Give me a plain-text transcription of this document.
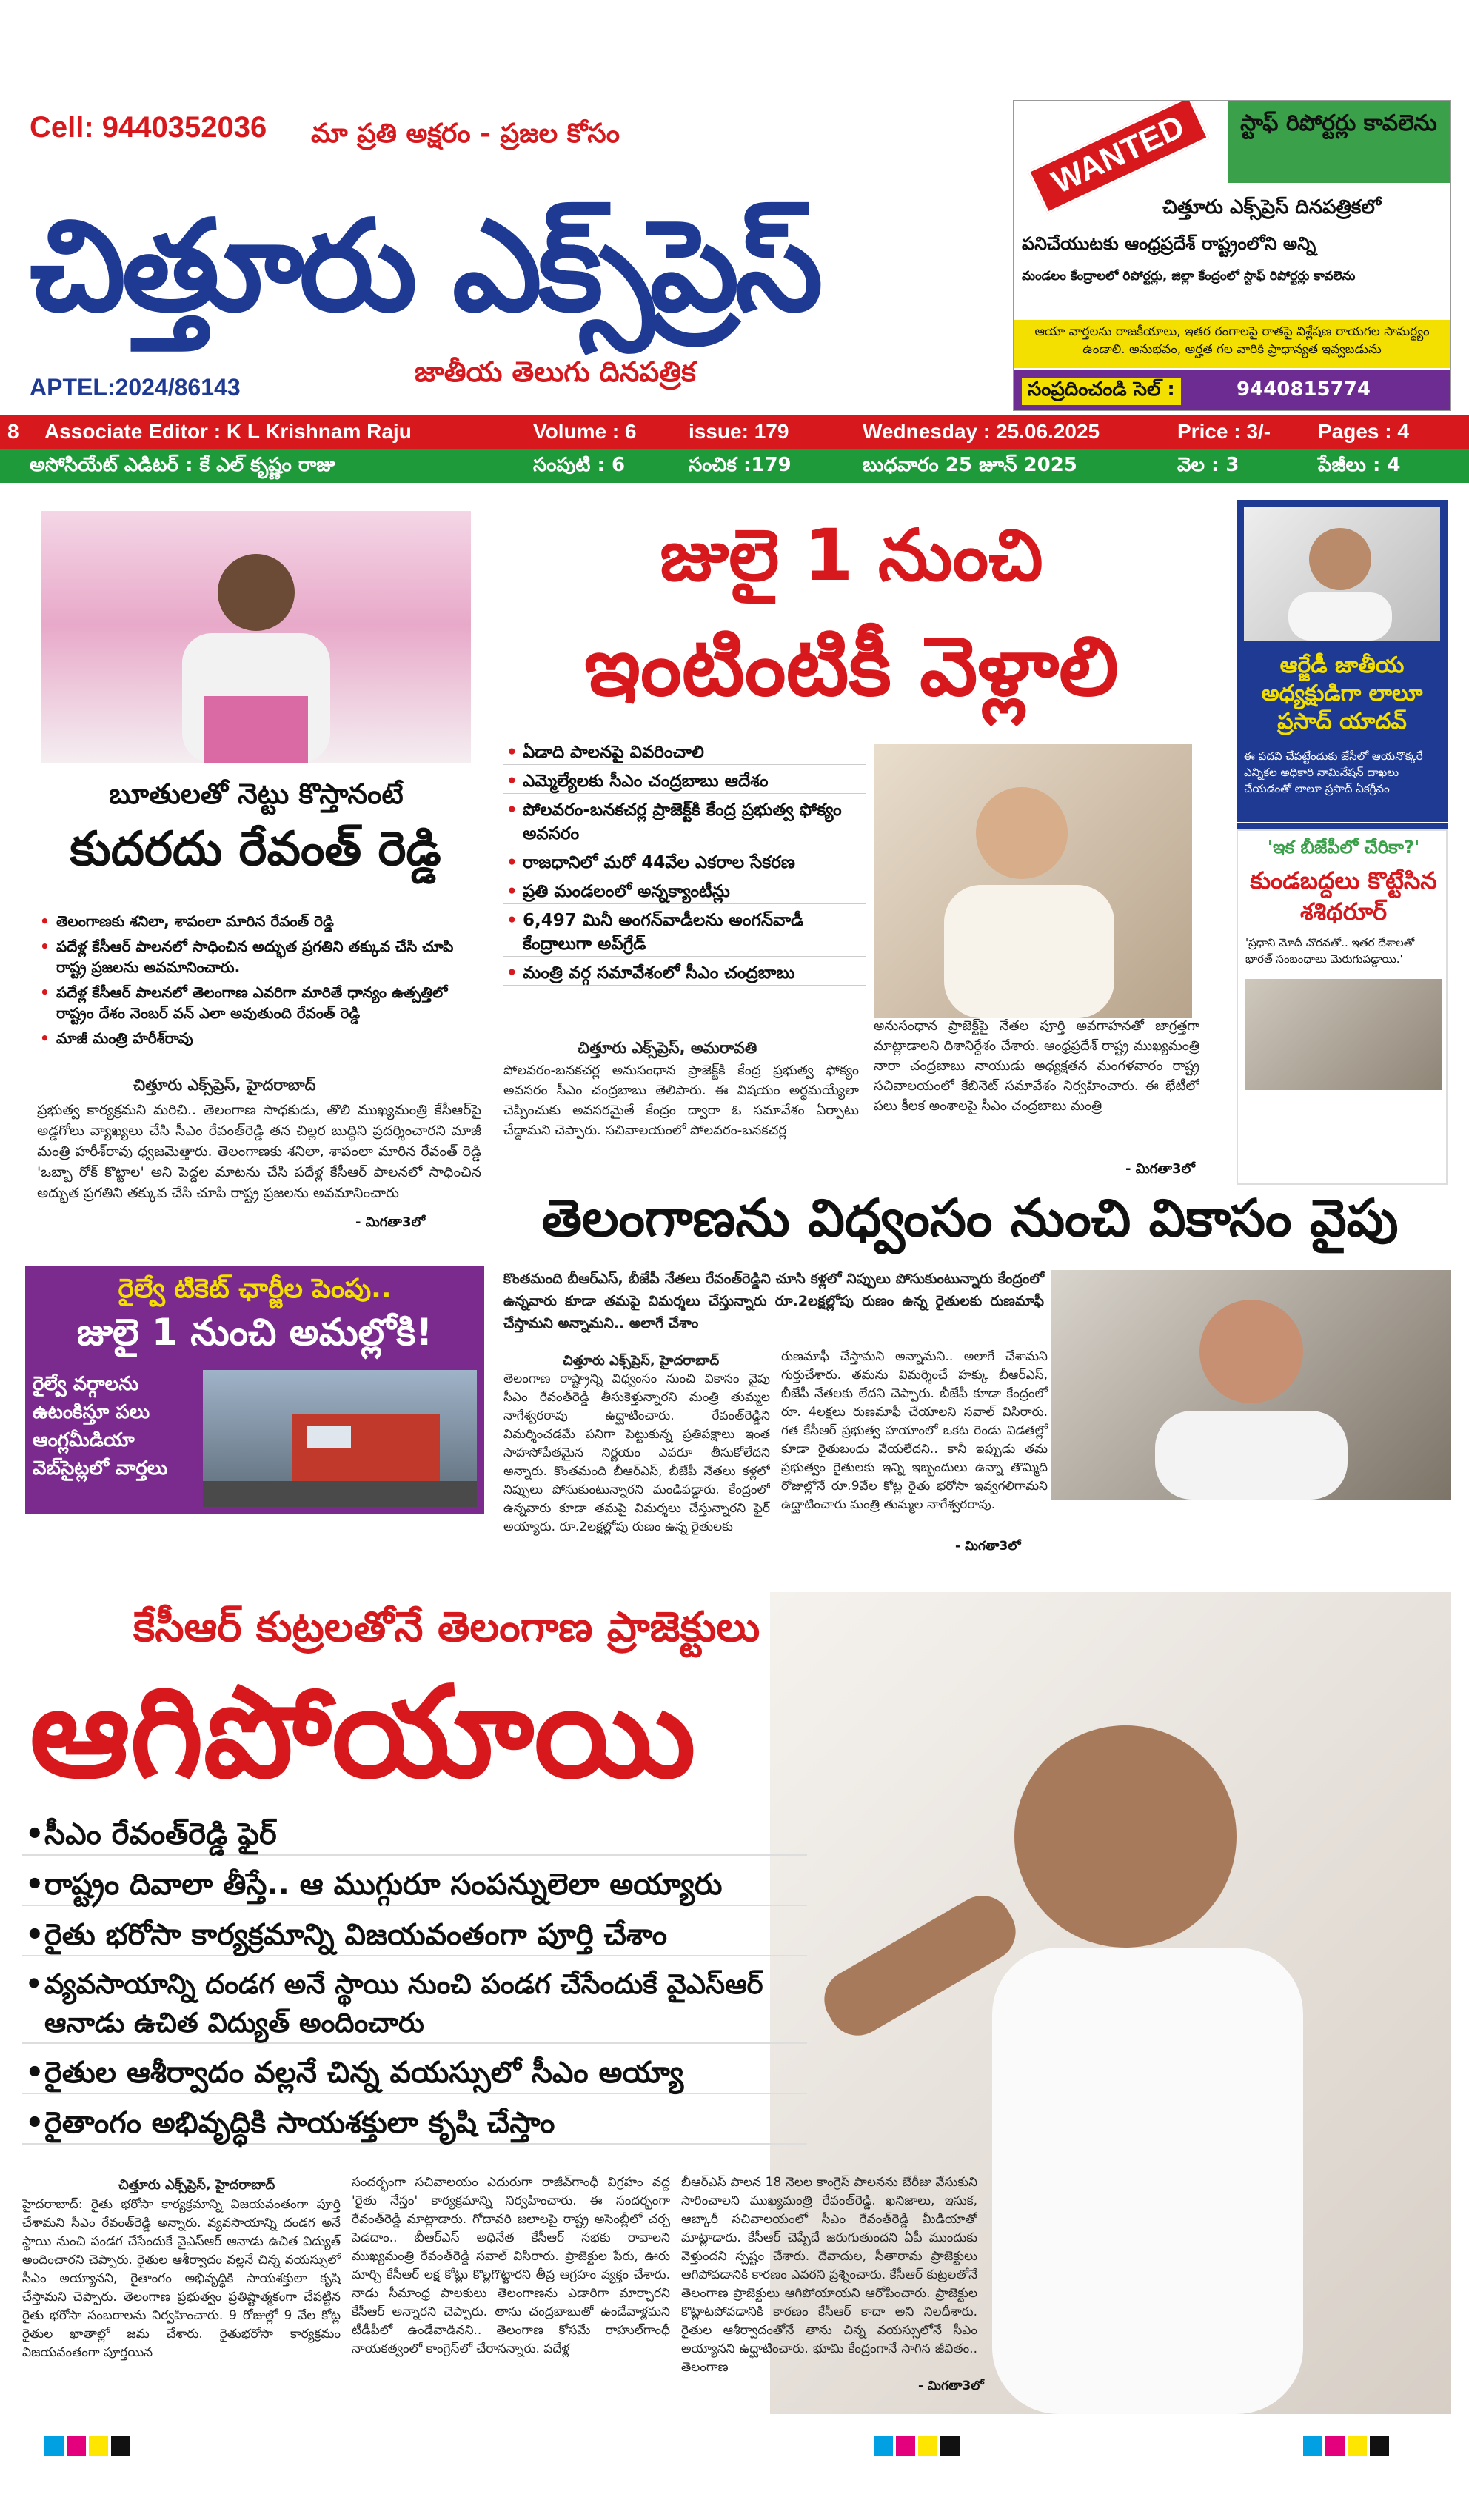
Cell: 9440352036 మా ప్రతి అక్షరం - ప్రజల కోసం
చిత్తూరు ఎక్స్‌ప్రెస్
APTEL:2024/86143	జాతీయ తెలుగు దినపత్రిక
WANTED	స్టాఫ్ రిపోర్టర్లు కావలెను
చిత్తూరు ఎక్స్‌ప్రెస్ దినపత్రికలో
పనిచేయుటకు ఆంధ్రప్రదేశ్ రాష్ట్రంలోని అన్ని
మండలం కేంద్రాలలో రిపోర్టర్లు, జిల్లా కేంద్రంలో స్టాఫ్ రిపోర్టర్లు కావలెను
ఆయా వార్తలను రాజకీయాలు, ఇతర రంగాలపై రాతపై విశ్లేషణ రాయగల సామర్థ్యం ఉండాలి. అనుభవం, అర్హత గల వారికి ప్రాధాన్యత ఇవ్వబడును
సంప్రదించండి సెల్ :	9440815774
8 Associate Editor : K L Krishnam Raju	Volume : 6	issue: 179	Wednesday : 25.06.2025	Price : 3/- Pages : 4
అసోసియేట్ ఎడిటర్ : కే ఎల్ కృష్ణం రాజు	సంపుటి : 6	సంచిక :179	బుధవారం 25 జూన్ 2025	వెల : 3	పేజీలు : 4
బూతులతో నెట్టు కొస్తానంటే
కుదరదు రేవంత్ రెడ్డి
• తెలంగాణకు శనిలా, శాపంలా మారిన రేవంత్ రెడ్డి
• పదేళ్ల కేసీఆర్ పాలనలో సాధించిన అద్భుత ప్రగతిని తక్కువ చేసి చూపి రాష్ట్ర ప్రజలను అవమానించారు.
• పదేళ్ల కేసీఆర్ పాలనలో తెలంగాణ ఎవరిగా మారితే ధాన్యం ఉత్పత్తిలో రాష్ట్రం దేశం నెంబర్ వన్ ఎలా అవుతుంది రేవంత్ రెడ్డి
• మాజీ మంత్రి హరీశ్‌రావు
చిత్తూరు ఎక్స్‌ప్రెస్, హైదరాబాద్
ప్రభుత్వ కార్యక్రమని మరిచి.. తెలంగాణ సాధకుడు, తొలి ముఖ్యమంత్రి కేసీఆర్‌పై అడ్డగోలు వ్యాఖ్యలు చేసి సీఎం రేవంత్‌రెడ్డి తన చిల్లర బుద్ధిని ప్రదర్శించారని మాజీ మంత్రి హరీశ్‌రావు ధ్వజమెత్తారు. తెలంగాణకు శనిలా, శాపంలా మారిన రేవంత్ రెడ్డి 'ఒబ్బా రోక్ కొట్టాల' అని పెద్దల మాటను చేసి పదేళ్ల కేసీఆర్ పాలనలో సాధించిన అద్భుత ప్రగతిని తక్కువ చేసి చూపి రాష్ట్ర ప్రజలను అవమానించారు
- మిగతా3లో
జులై 1 నుంచి
ఇంటింటికీ వెళ్లాలి
• ఏడాది పాలనపై వివరించాలి
• ఎమ్మెల్యేలకు సీఎం చంద్రబాబు ఆదేశం
• పోలవరం-బనకచర్ల ప్రాజెక్ట్‌కి కేంద్ర ప్రభుత్వ ఫోక్యం అవసరం
• రాజధానిలో మరో 44వేల ఎకరాల సేకరణ
• ప్రతి మండలంలో అన్నక్యాంటీన్లు
• 6,497 మినీ అంగన్‌వాడీలను అంగన్‌వాడీ కేంద్రాలుగా అప్‌గ్రేడ్
• మంత్రి వర్గ సమావేశంలో సీఎం చంద్రబాబు
చిత్తూరు ఎక్స్‌ప్రెస్, అమరావతి
పోలవరం-బనకచర్ల అనుసంధాన ప్రాజెక్ట్‌కి కేంద్ర ప్రభుత్వ ఫోక్యం అవసరం సీఎం చంద్రబాబు తెలిపారు. ఈ విషయం అర్థమయ్యేలా చెప్పించుకు అవసరమైతే కేంద్రం ద్వారా ఓ సమావేశం ఏర్పాటు చేద్దామని చెప్పారు. సచివాలయంలో పోలవరం-బనకచర్ల
అనుసంధాన ప్రాజెక్ట్‌పై నేతల పూర్తి అవగాహనతో జాగ్రత్తగా మాట్లాడాలని దిశానిర్దేశం చేశారు. ఆంధ్రప్రదేశ్ రాష్ట్ర ముఖ్యమంత్రి నారా చంద్రబాబు నాయుడు అధ్యక్షతన మంగళవారం రాష్ట్ర సచివాలయంలో కేబినెట్ సమావేశం నిర్వహించారు. ఈ భేటీలో పలు కీలక అంశాలపై సీఎం చంద్రబాబు మంత్రి
- మిగతా3లో
ఆర్జేడీ జాతీయ అధ్యక్షుడిగా లాలూ ప్రసాద్ యాదవ్
ఈ పదవి చేపట్టేందుకు జేసీలో ఆయనొక్కరే ఎన్నికల అధికారి నామినేషన్ దాఖలు చేయడంతో లాలూ ప్రసాద్ ఏకగ్రీవం
'ఇక బీజేపీలో చేరికా?'
కుండబద్దలు కొట్టేసిన శశిథరూర్
'ప్రధాని మోదీ చొరవతో.. ఇతర దేశాలతో భారత్ సంబంధాలు మెరుగుపడ్డాయి.'
తెలంగాణను విధ్వంసం నుంచి వికాసం వైపు
కొంతమంది బీఆర్ఎస్, బీజేపీ నేతలు రేవంత్‌రెడ్డిని చూసి కళ్లలో నిప్పులు పోసుకుంటున్నారు కేంద్రంలో ఉన్నవారు కూడా తమపై విమర్శలు చేస్తున్నారు రూ.2లక్షల్లోపు రుణం ఉన్న రైతులకు రుణమాఫీ చేస్తామని అన్నామని.. అలాగే చేశాం
చిత్తూరు ఎక్స్‌ప్రెస్, హైదరాబాద్
తెలంగాణ రాష్ట్రాన్ని విధ్వంసం నుంచి వికాసం వైపు సీఎం రేవంత్‌రెడ్డి తీసుకెళ్తున్నారని మంత్రి తుమ్మల నాగేశ్వరరావు ఉద్ఘాటించారు. రేవంత్‌రెడ్డిని విమర్శించడమే పనిగా పెట్టుకున్న ప్రతిపక్షాలు ఇంత సాహసోపేతమైన నిర్ణయం ఎవరూ తీసుకోలేదని అన్నారు. కొంతమంది బీఆర్ఎస్, బీజేపీ నేతలు కళ్లలో నిప్పులు పోసుకుంటున్నారని మండిపడ్డారు. కేంద్రంలో ఉన్నవారు కూడా తమపై విమర్శలు చేస్తున్నారని ఫైర్ అయ్యారు. రూ.2లక్షల్లోపు రుణం ఉన్న రైతులకు
రుణమాఫీ చేస్తామని అన్నామని.. అలాగే చేశామని గుర్తుచేశారు. తమను విమర్శించే హక్కు బీఆర్ఎస్, బీజేపీ నేతలకు లేదని చెప్పారు. బీజేపీ కూడా కేంద్రంలో రూ. 4లక్షలు రుణమాఫీ చేయాలని సవాల్ విసిరారు. గత కేసీఆర్ ప్రభుత్వ హయాంలో ఒకట రెండు విడతల్లో కూడా రైతుబంధు వేయలేదని.. కానీ ఇప్పుడు తమ ప్రభుత్వం రైతులకు ఇన్ని ఇబ్బందులు ఉన్నా తొమ్మిది రోజుల్లోనే రూ.9వేల కోట్ల రైతు భరోసా ఇవ్వగలిగామని ఉద్ఘాటించారు మంత్రి తుమ్మల నాగేశ్వరరావు.
- మిగతా3లో
రైల్వే టికెట్ ఛార్జీల పెంపు..
జులై 1 నుంచి అమల్లోకి!
రైల్వే వర్గాలను ఉటంకిస్తూ పలు ఆంగ్లమీడియా వెబ్‌సైట్లలో వార్తలు
కేసీఆర్ కుట్రలతోనే తెలంగాణ ప్రాజెక్టులు
ఆగిపోయాయి
• సీఎం రేవంత్‌రెడ్డి ఫైర్
• రాష్ట్రం దివాలా తీస్తే.. ఆ ముగ్గురూ సంపన్నులెలా అయ్యారు
• రైతు భరోసా కార్యక్రమాన్ని విజయవంతంగా పూర్తి చేశాం
• వ్యవసాయాన్ని దండగ అనే స్థాయి నుంచి పండగ చేసేందుకే వైఎస్ఆర్ ఆనాడు ఉచిత విద్యుత్ అందించారు
• రైతుల ఆశీర్వాదం వల్లనే చిన్న వయస్సులో సీఎం అయ్యా
• రైతాంగం అభివృద్ధికి సాయశక్తులా కృషి చేస్తాం
చిత్తూరు ఎక్స్‌ప్రెస్, హైదరాబాద్
హైదరాబాద్: రైతు భరోసా కార్యక్రమాన్ని విజయవంతంగా పూర్తి చేశామని సీఎం రేవంత్‌రెడ్డి అన్నారు. వ్యవసాయాన్ని దండగ అనే స్థాయి నుంచి పండగ చేసేందుకే వైఎస్ఆర్ ఆనాడు ఉచిత విద్యుత్ అందించారని చెప్పారు. రైతుల ఆశీర్వాదం వల్లనే చిన్న వయస్సులో సీఎం అయ్యానని, రైతాంగం అభివృద్ధికి సాయశక్తులా కృషి చేస్తామని చెప్పారు. తెలంగాణ ప్రభుత్వం ప్రతిష్టాత్మకంగా చేపట్టిన రైతు భరోసా సంబరాలను నిర్వహించారు. 9 రోజుల్లో 9 వేల కోట్ల రైతుల ఖాతాల్లో జమ చేశారు. రైతుభరోసా కార్యక్రమం విజయవంతంగా పూర్తయిన
సందర్భంగా సచివాలయం ఎదురుగా రాజీవ్‌గాంధీ విగ్రహం వద్ద 'రైతు నేస్తం' కార్యక్రమాన్ని నిర్వహించారు. ఈ సందర్భంగా రేవంత్‌రెడ్డి మాట్లాడారు. గోదావరి జలాలపై రాష్ట్ర అసెంబ్లీలో చర్చ పెడదాం.. బీఆర్ఎస్ అధినేత కేసీఆర్ సభకు రావాలని ముఖ్యమంత్రి రేవంత్‌రెడ్డి సవాల్ విసిరారు. ప్రాజెక్టుల పేరు, ఊరు మార్చి కేసీఆర్ లక్ష కోట్లు కొల్లగొట్టారని తీవ్ర ఆగ్రహం వ్యక్తం చేశారు. నాడు సీమాంధ్ర పాలకులు తెలంగాణను ఎడారిగా మార్చారని కేసీఆర్ అన్నారని చెప్పారు. తాను చంద్రబాబుతో ఉండేవాళ్లమని టీడీపీలో ఉండేవాడినని.. తెలంగాణ కోసమే రాహుల్‌గాంధీ నాయకత్వంలో కాంగ్రెస్‌లో చేరానన్నారు. పదేళ్ల
బీఆర్ఎస్ పాలన 18 నెలల కాంగ్రెస్ పాలనను బేరీజు వేసుకుని సారించాలని ముఖ్యమంత్రి రేవంత్‌రెడ్డి. ఖనిజాలు, ఇసుక, ఆబ్కారీ సచివాలయంలో సీఎం రేవంత్‌రెడ్డి మీడియాతో మాట్లాడారు. కేసీఆర్ చెప్పేదే జరుగుతుందని ఏపీ ముందుకు వెళ్తుందని స్పష్టం చేశారు. దేవాదుల, సీతారామ ప్రాజెక్టులు ఆగిపోవడానికి కారణం ఎవరని ప్రశ్నించారు. కేసీఆర్ కుట్రలతోనే తెలంగాణ ప్రాజెక్టులు ఆగిపోయాయని ఆరోపించారు. ప్రాజెక్టుల కొట్లాటపోవడానికి కారణం కేసీఆర్ కాదా అని నిలదీశారు. రైతుల ఆశీర్వాదంతోనే తాను చిన్న వయస్సులోనే సీఎం అయ్యానని ఉద్ఘాటించారు. భూమి కేంద్రంగానే సాగిన జీవితం.. తెలంగాణ
- మిగతా3లో
